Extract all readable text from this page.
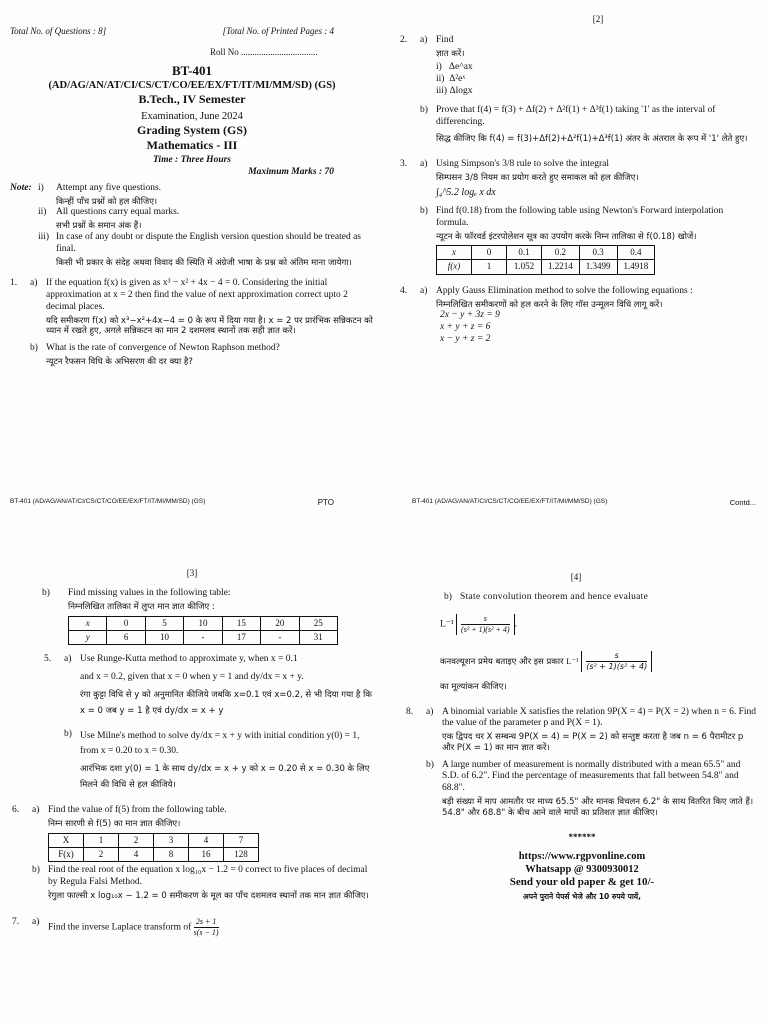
Total No. of Questions : 8]	[Total No. of Printed Pages : 4
Roll No ..................................
BT-401
(AD/AG/AN/AT/CI/CS/CT/CO/EE/EX/FT/IT/MI/MM/SD) (GS)
B.Tech., IV Semester
Examination, June 2024
Grading System (GS)
Mathematics - III
Time : Three Hours
Maximum Marks : 70
Note: i)	Attempt any five questions.
किन्हीं पाँच प्रश्नों को हल कीजिए।
ii)	All questions carry equal marks.
सभी प्रश्नों के समान अंक हैं।
iii) In case of any doubt or dispute the English version question should be treated as final.
किसी भी प्रकार के संदेह अथवा विवाद की स्थिति में अंग्रेजी भाषा के प्रश्न को अंतिम माना जायेगा।
1.	a) If the equation f(x) is given as x³ − x² + 4x − 4 = 0. Considering the initial approximation at x = 2 then find the value of next approximation correct upto 2 decimal places.
यदि समीकरण f(x) को x³−x²+4x−4 = 0 के रूप में दिया गया है। x = 2 पर प्रारंभिक सन्निकटन को ध्यान में रखते हुए, अगले सन्निकटन का मान 2 दशमलव स्थानों तक सही ज्ञात करें।
b) What is the rate of convergence of Newton Raphson method?
न्यूटन रैफसन विधि के अभिसरण की दर क्या है?
BT-401 (AD/AG/AN/AT/CI/CS/CT/CO/EE/EX/FT/IT/MI/MM/SD) (GS)	PTO
[2]
2.	a) Find
ज्ञात करें।
i)   Δe^ax
ii)  Δ²eˣ
iii) Δlogx
b) Prove that f(4) = f(3) + Δf(2) + Δ²f(1) + Δ³f(1) taking '1' as the interval of differencing.
सिद्ध कीजिए कि f(4) = f(3)+Δf(2)+Δ²f(1)+Δ³f(1) अंतर के अंतराल के रूप में '1' लेते हुए।
3.	a) Using Simpson's 3/8 rule to solve the integral
सिम्पसन 3/8 नियम का प्रयोग करते हुए समाकल को हल कीजिए।
∫₄^5.2 logₑ x dx
b) Find f(0.18) from the following table using Newton's Forward interpolation formula.
न्यूटन के फॉरवर्ड इंटरपोलेशन सूत्र का उपयोग करके निम्न तालिका से f(0.18) खोजें।
x	0	0.1	0.2	0.3	0.4
f(x)	1	1.052	1.2214	1.3499	1.4918
4.	a) Apply Gauss Elimination method to solve the following equations :
निम्नलिखित समीकरणों को हल करने के लिए गॉस उन्मूलन विधि लागू करें।
2x − y + 3z = 9
x + y + z = 6
x − y + z = 2
BT-401 (AD/AG/AN/AT/CI/CS/CT/CO/EE/EX/FT/IT/MI/MM/SD) (GS)	Contd...
[3]
b)	Find missing values in the following table:
निम्नलिखित तालिका में लुप्त मान ज्ञात कीजिए :
x	0	5	10	15	20	25
y	6	10	-	17	-	31
5.	a) Use Runge-Kutta method to approximate y, when x = 0.1
and x = 0.2, given that x = 0 when y = 1 and dy/dx = x + y.
रंगा कुट्टा विधि से y को अनुमानित कीजिये जबकि x=0.1 एवं x=0.2, से भी दिया गया है कि x = 0 जब y = 1 है एवं dy/dx = x + y
b) Use Milne's method to solve dy/dx = x + y with initial condition y(0) = 1, from x = 0.20 to x = 0.30.
आरंभिक दशा y(0) = 1 के साथ dy/dx = x + y को x = 0.20 से x = 0.30 के लिए मिलने की विधि से हल कीजिये।
6.	a) Find the value of f(5) from the following table.
निम्न सारणी से f(5) का मान ज्ञात कीजिए।
X	1	2	3	4	7
F(x)	2	4	8	16	128
b) Find the real root of the equation x log₁₀x − 1.2 = 0 correct to five places of decimal by Regula Falsi Method.
रेगुला फाल्सी x log₁₀x − 1.2 = 0 समीकरण के मूल का पाँच दशमलव स्थानों तक मान ज्ञात कीजिए।
7.	a)
Find the inverse Laplace transform of $\frac{2s + 1}{s(s - 1)}$
[4]
b) State convolution theorem and hence evaluate
$L^{-1} \frac{s}{\text{(s² + 1)(s² + 4)}}$ .
कनवल्यूशन प्रमेय बताइए और इस प्रकार $L^{-1} \frac{s}{\text{(s² + 1)(s² + 4)}}$
का मूल्यांकन कीजिए।
8.	a) A binomial variable X satisfies the relation 9P(X = 4) = P(X = 2) when n = 6. Find the value of the parameter p and P(X = 1).
एक द्विपद चर X सम्बन्ध 9P(X = 4) = P(X = 2) को सन्तुष्ट करता है जब n = 6 पैरामीटर p और P(X = 1) का मान ज्ञात करें।
b) A large number of measurement is normally distributed with a mean 65.5" and S.D. of 6.2". Find the percentage of measurements that fall between 54.8" and 68.8".
बड़ी संख्या में माप आमतौर पर माध्य 65.5" और मानक विचलन 6.2" के साथ वितरित किए जाते हैं। 54.8" और 68.8" के बीच आने वाले मापों का प्रतिशत ज्ञात कीजिए।
******
https://www.rgpvonline.com
Whatsapp @ 9300930012
Send your old paper & get 10/-
अपने पुराने पेपर्स भेजे और 10 रुपये पायें,
